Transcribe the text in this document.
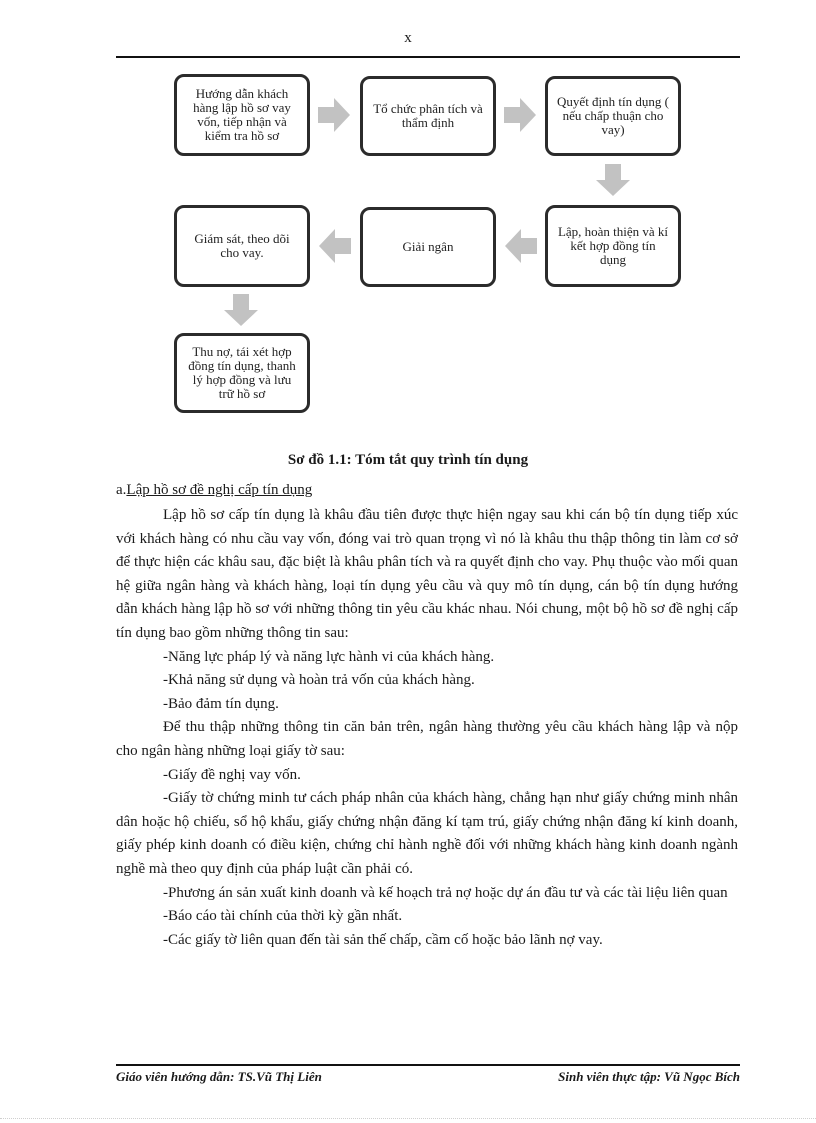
x
Hướng dẫn khách hàng lập hồ sơ vay vốn, tiếp nhận và kiểm tra hồ sơ
Tổ chức phân tích và thẩm định
Quyết định tín dụng ( nếu chấp thuận cho vay)
Lập, hoàn thiện và kí kết hợp đồng tín dụng
Giải ngân
Giám sát, theo dõi cho vay.
Thu nợ, tái xét hợp đồng tín dụng, thanh lý hợp đồng và lưu trữ hồ sơ
Sơ đồ 1.1: Tóm tắt quy trình tín dụng
a.Lập hồ sơ đề nghị cấp tín dụng

Lập hồ sơ cấp tín dụng là khâu đầu tiên được thực hiện ngay sau khi cán bộ tín dụng tiếp xúc với khách hàng có nhu cầu vay vốn, đóng vai trò quan trọng vì nó là khâu thu thập thông tin làm cơ sở để thực hiện các khâu sau, đặc biệt là khâu phân tích và ra quyết định cho vay. Phụ thuộc vào mối quan hệ giữa ngân hàng và khách hàng, loại tín dụng yêu cầu và quy mô tín dụng, cán bộ tín dụng hướng dẫn khách hàng lập hồ sơ với những thông tin yêu cầu khác nhau. Nói chung, một bộ hồ sơ đề nghị cấp tín dụng bao gồm những thông tin sau:

-Năng lực pháp lý và năng lực hành vi của khách hàng.

-Khả năng sử dụng và hoàn trả vốn của khách hàng.

-Bảo đảm tín dụng.

Để thu thập những thông tin căn bản trên, ngân hàng thường yêu cầu khách hàng lập và nộp cho ngân hàng những loại giấy tờ sau:

-Giấy đề nghị vay vốn.

-Giấy tờ chứng minh tư cách pháp nhân của khách hàng, chẳng hạn như giấy chứng minh nhân dân hoặc hộ chiếu, sổ hộ khẩu, giấy chứng nhận đăng kí tạm trú, giấy chứng nhận đăng kí kinh doanh, giấy phép kinh doanh có điều kiện, chứng chỉ hành nghề đối với những khách hàng kinh doanh ngành nghề mà theo quy định của pháp luật cần phải có.

-Phương án sản xuất kinh doanh và kế hoạch trả nợ hoặc dự án đầu tư và các tài liệu liên quan

-Báo cáo tài chính của thời kỳ gần nhất.

-Các giấy tờ liên quan đến tài sản thế chấp, cầm cố hoặc bảo lãnh nợ vay.

Giáo viên hướng dẫn: TS.Vũ Thị Liên	Sinh viên thực tập: Vũ Ngọc Bích
